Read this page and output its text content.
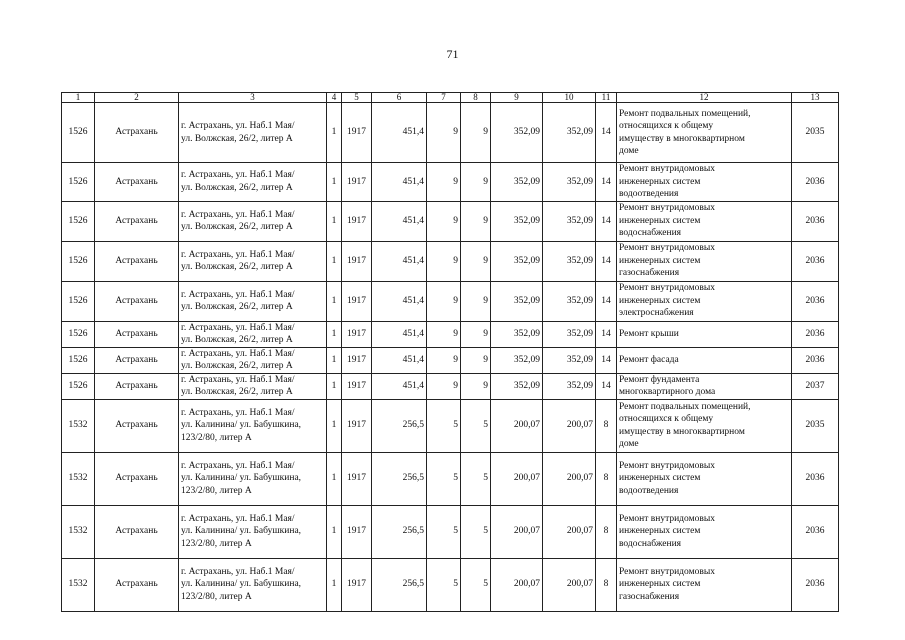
71
1	2	3	4	5	6	7	8	9	10	11	12	13
1526	Астрахань	г. Астрахань, ул. Наб.1 Мая/
ул. Волжская, 26/2, литер А	1	1917	451,4	9	9	352,09	352,09	14	Ремонт подвальных помещений,
относящихся к общему
имуществу в многоквартирном
доме	2035
1526	Астрахань	г. Астрахань, ул. Наб.1 Мая/
ул. Волжская, 26/2, литер А	1	1917	451,4	9	9	352,09	352,09	14	Ремонт внутридомовых
инженерных систем
водоотведения	2036
1526	Астрахань	г. Астрахань, ул. Наб.1 Мая/
ул. Волжская, 26/2, литер А	1	1917	451,4	9	9	352,09	352,09	14	Ремонт внутридомовых
инженерных систем
водоснабжения	2036
1526	Астрахань	г. Астрахань, ул. Наб.1 Мая/
ул. Волжская, 26/2, литер А	1	1917	451,4	9	9	352,09	352,09	14	Ремонт внутридомовых
инженерных систем
газоснабжения	2036
1526	Астрахань	г. Астрахань, ул. Наб.1 Мая/
ул. Волжская, 26/2, литер А	1	1917	451,4	9	9	352,09	352,09	14	Ремонт внутридомовых
инженерных систем
электроснабжения	2036
1526	Астрахань	г. Астрахань, ул. Наб.1 Мая/
ул. Волжская, 26/2, литер А	1	1917	451,4	9	9	352,09	352,09	14	Ремонт крыши	2036
1526	Астрахань	г. Астрахань, ул. Наб.1 Мая/
ул. Волжская, 26/2, литер А	1	1917	451,4	9	9	352,09	352,09	14	Ремонт фасада	2036
1526	Астрахань	г. Астрахань, ул. Наб.1 Мая/
ул. Волжская, 26/2, литер А	1	1917	451,4	9	9	352,09	352,09	14	Ремонт фундамента
многоквартирного дома	2037
1532	Астрахань	г. Астрахань, ул. Наб.1 Мая/
ул. Калинина/ ул. Бабушкина,
123/2/80, литер А	1	1917	256,5	5	5	200,07	200,07	8	Ремонт подвальных помещений,
относящихся к общему
имуществу в многоквартирном
доме	2035
1532	Астрахань	г. Астрахань, ул. Наб.1 Мая/
ул. Калинина/ ул. Бабушкина,
123/2/80, литер А	1	1917	256,5	5	5	200,07	200,07	8	Ремонт внутридомовых
инженерных систем
водоотведения	2036
1532	Астрахань	г. Астрахань, ул. Наб.1 Мая/
ул. Калинина/ ул. Бабушкина,
123/2/80, литер А	1	1917	256,5	5	5	200,07	200,07	8	Ремонт внутридомовых
инженерных систем
водоснабжения	2036
1532	Астрахань	г. Астрахань, ул. Наб.1 Мая/
ул. Калинина/ ул. Бабушкина,
123/2/80, литер А	1	1917	256,5	5	5	200,07	200,07	8	Ремонт внутридомовых
инженерных систем
газоснабжения	2036
